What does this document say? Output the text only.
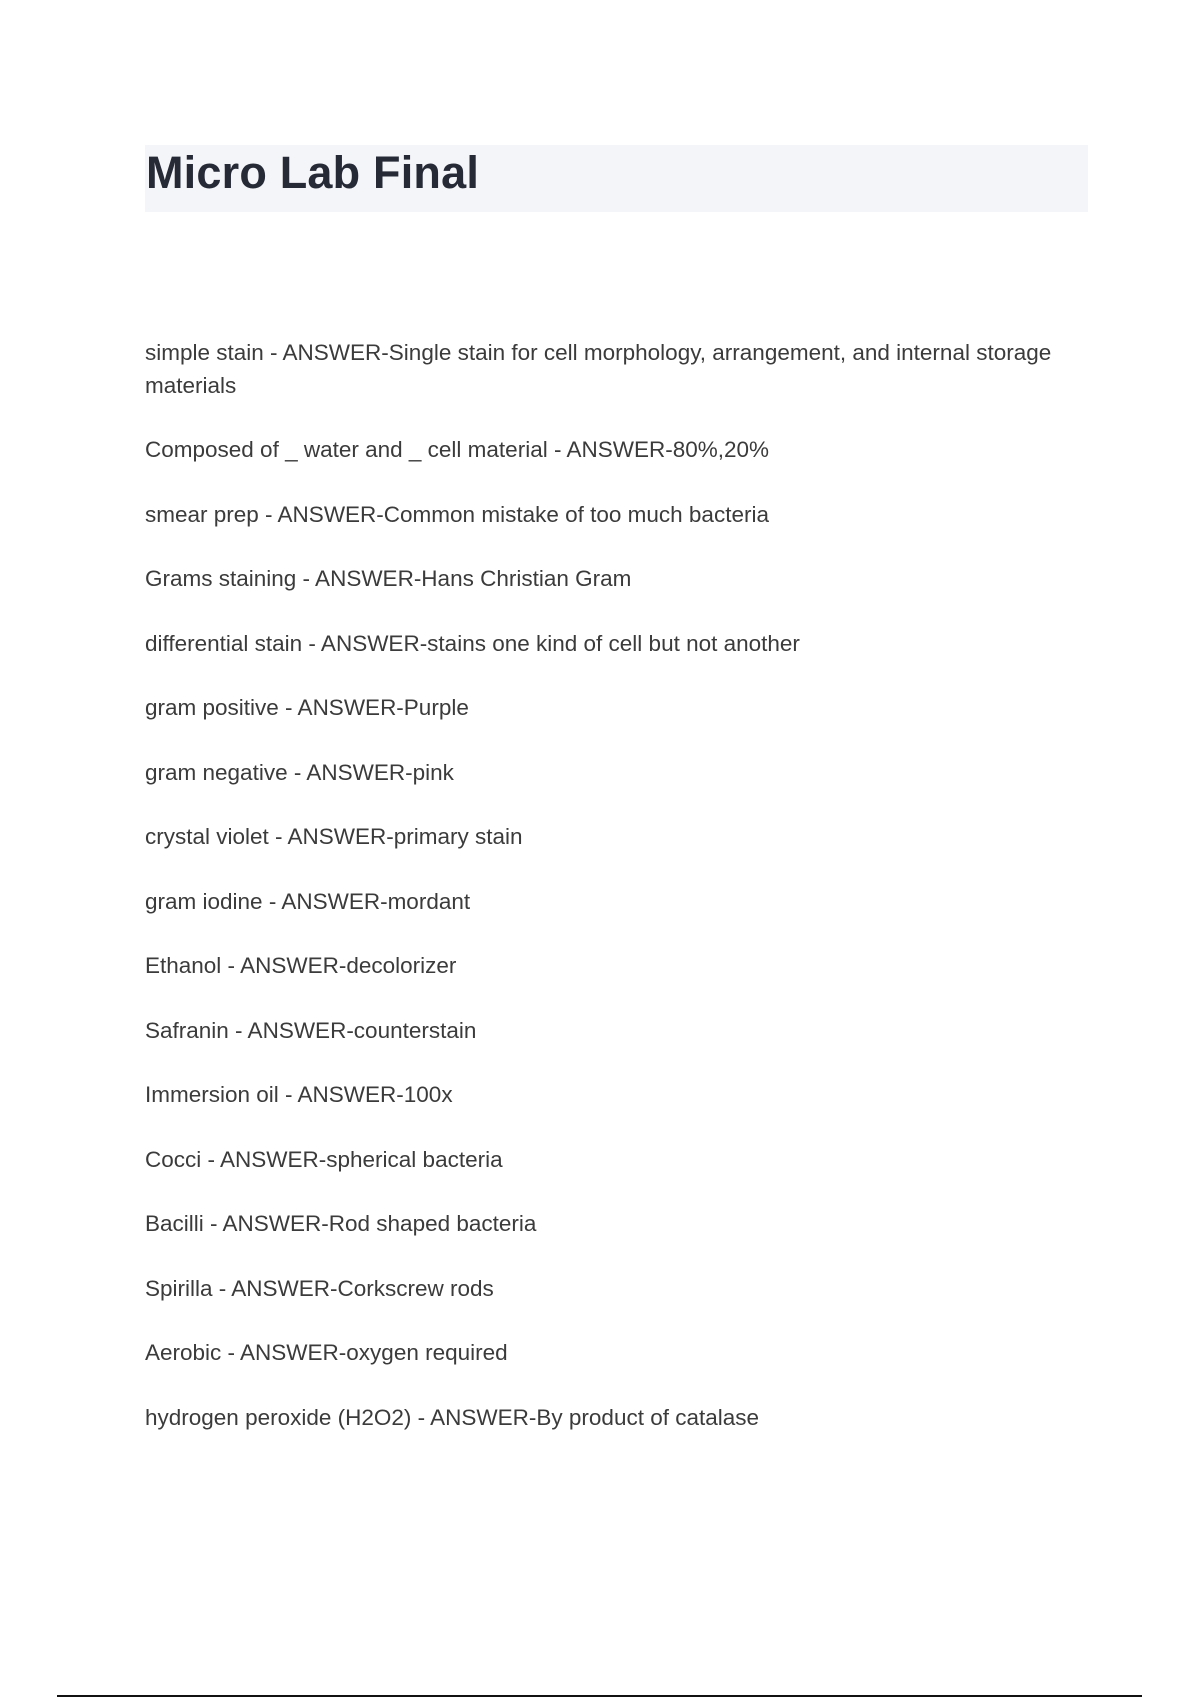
Micro Lab Final
simple stain - ANSWER-Single stain for cell morphology, arrangement, and internal storage materials
Composed of _ water and _ cell material - ANSWER-80%,20%
smear prep - ANSWER-Common mistake of too much bacteria
Grams staining - ANSWER-Hans Christian Gram
differential stain - ANSWER-stains one kind of cell but not another
gram positive - ANSWER-Purple
gram negative - ANSWER-pink
crystal violet - ANSWER-primary stain
gram iodine - ANSWER-mordant
Ethanol - ANSWER-decolorizer
Safranin - ANSWER-counterstain
Immersion oil - ANSWER-100x
Cocci - ANSWER-spherical bacteria
Bacilli - ANSWER-Rod shaped bacteria
Spirilla - ANSWER-Corkscrew rods
Aerobic - ANSWER-oxygen required
hydrogen peroxide (H2O2) - ANSWER-By product of catalase
